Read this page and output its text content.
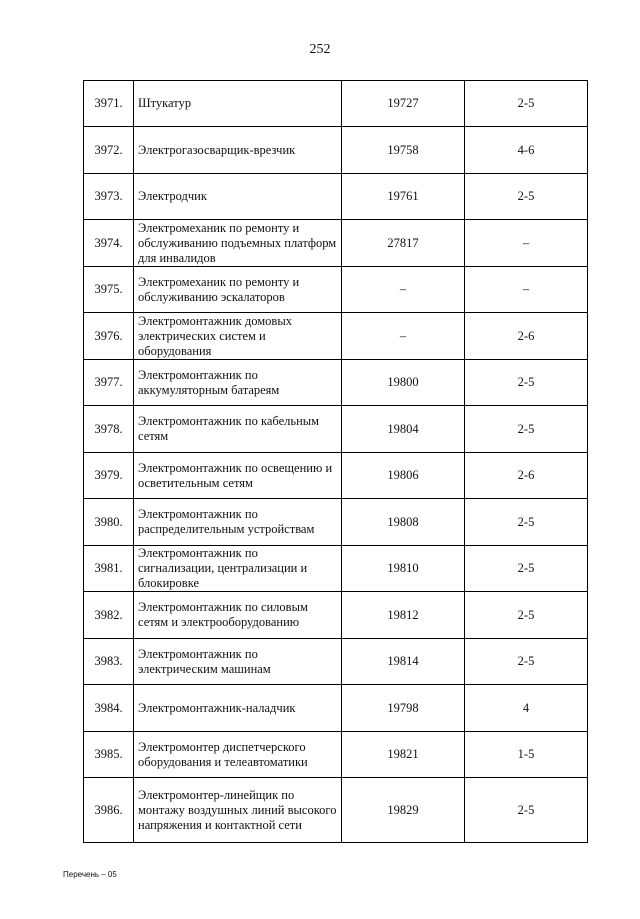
252
3971.	Штукатур	19727	2-5
3972.	Электрогазосварщик-врезчик	19758	4-6
3973.	Электродчик	19761	2-5
3974.	Электромеханик по ремонту и обслуживанию подъемных платформ для инвалидов	27817	–
3975.	Электромеханик по ремонту и обслуживанию эскалаторов	–	–
3976.	Электромонтажник домовых электрических систем и оборудования	–	2-6
3977.	Электромонтажник по аккумуляторным батареям	19800	2-5
3978.	Электромонтажник по кабельным сетям	19804	2-5
3979.	Электромонтажник по освещению и осветительным сетям	19806	2-6
3980.	Электромонтажник по распределительным устройствам	19808	2-5
3981.	Электромонтажник по сигнализации, централизации и блокировке	19810	2-5
3982.	Электромонтажник по силовым сетям и электрооборудованию	19812	2-5
3983.	Электромонтажник по электрическим машинам	19814	2-5
3984.	Электромонтажник-наладчик	19798	4
3985.	Электромонтер диспетчерского оборудования и телеавтоматики	19821	1-5
3986.	Электромонтер-линейщик по монтажу воздушных линий высокого напряжения и контактной сети	19829	2-5
Перечень – 05
